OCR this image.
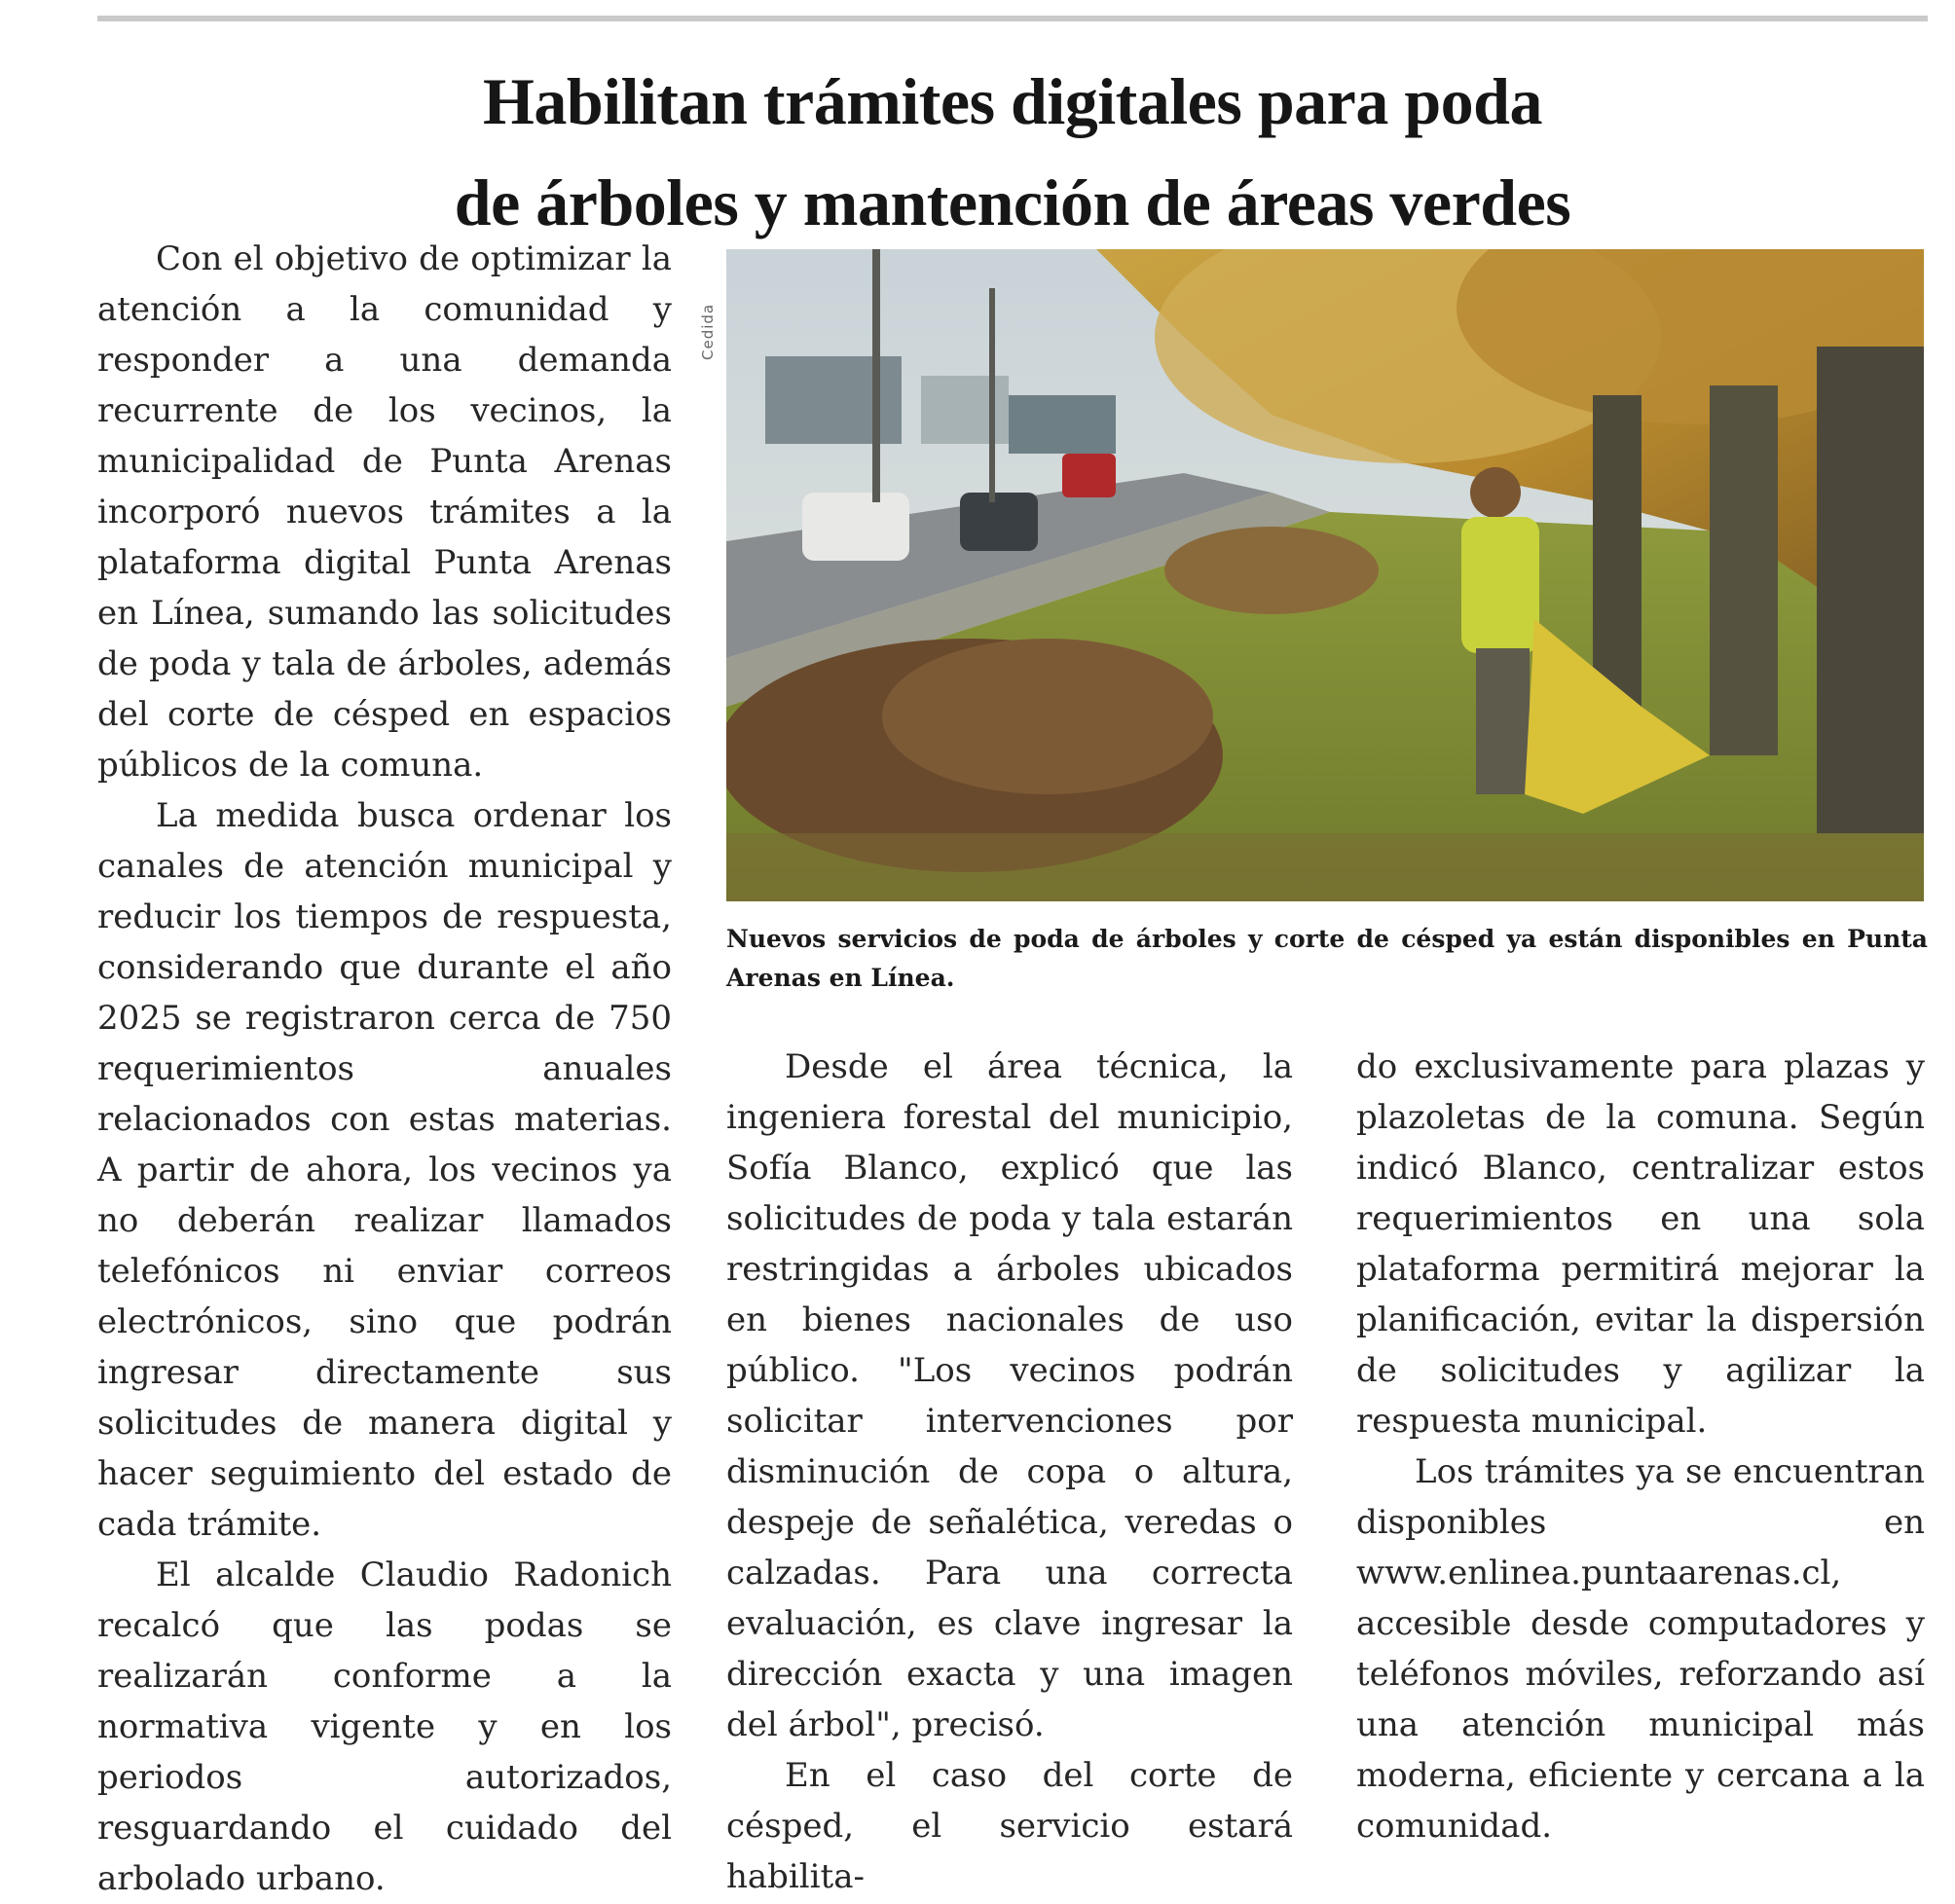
Habilitan trámites digitales para poda
de árboles y mantención de áreas verdes

Con el objetivo de optimizar la atención a la comunidad y responder a una demanda recurrente de los vecinos, la municipalidad de Punta Arenas incorporó nuevos trámites a la plataforma digital Punta Arenas en Línea, sumando las solicitudes de poda y tala de árboles, además del corte de césped en espacios públicos de la comuna.

La medida busca ordenar los canales de atención municipal y reducir los tiempos de respuesta, considerando que durante el año 2025 se registraron cerca de 750 requerimientos anuales relacionados con estas materias. A partir de ahora, los vecinos ya no deberán realizar llamados telefónicos ni enviar correos electrónicos, sino que podrán ingresar directamente sus solicitudes de manera digital y hacer seguimiento del estado de cada trámite.

El alcalde Claudio Radonich recalcó que las podas se realizarán conforme a la normativa vigente y en los periodos autorizados, resguardando el cuidado del arbolado urbano.

Cedida
Nuevos servicios de poda de árboles y corte de césped ya están disponibles en Punta Arenas en Línea.

Desde el área técnica, la ingeniera forestal del municipio, Sofía Blanco, explicó que las solicitudes de poda y tala estarán restringidas a árboles ubicados en bienes nacionales de uso público. "Los vecinos podrán solicitar intervenciones por disminución de copa o altura, despeje de señalética, veredas o calzadas. Para una correcta evaluación, es clave ingresar la dirección exacta y una imagen del árbol", precisó.

En el caso del corte de césped, el servicio estará habilita-

do exclusivamente para plazas y plazoletas de la comuna. Según indicó Blanco, centralizar estos requerimientos en una sola plataforma permitirá mejorar la planificación, evitar la dispersión de solicitudes y agilizar la respuesta municipal.

Los trámites ya se encuentran disponibles en www.enlinea.puntaarenas.cl, accesible desde computadores y teléfonos móviles, reforzando así una atención municipal más moderna, eficiente y cercana a la comunidad.
